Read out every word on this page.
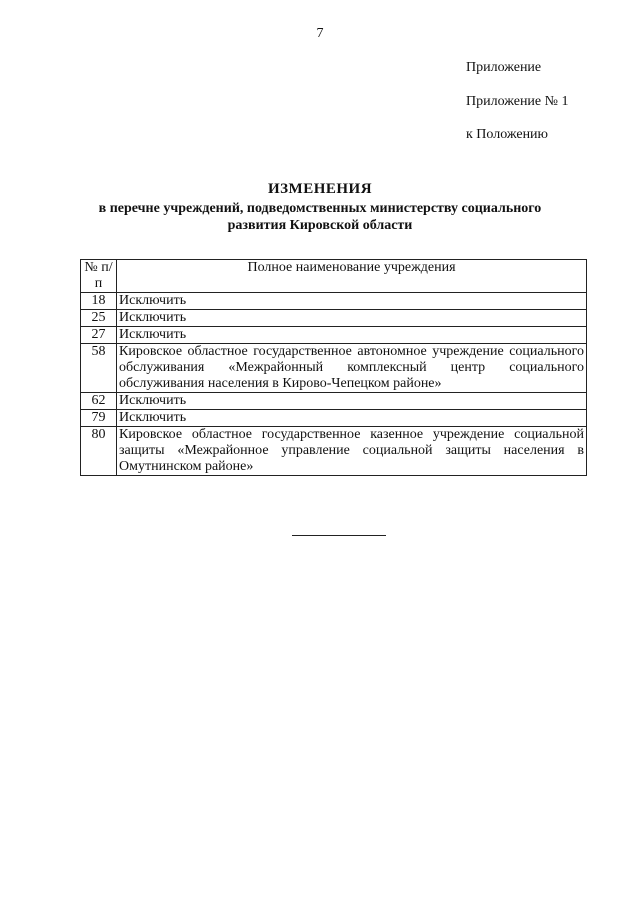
7
Приложение
Приложение № 1
к Положению
ИЗМЕНЕНИЯ
в перечне учреждений, подведомственных министерству социального
развития Кировской области
№ п/п	Полное наименование учреждения
18	Исключить
25	Исключить
27	Исключить
58	Кировское областное государственное автономное учреждение социального обслуживания «Межрайонный комплексный центр социального обслуживания населения в Кирово-Чепецком районе»
62	Исключить
79	Исключить
80	Кировское областное государственное казенное учреждение социальной защиты «Межрайонное управление социальной защиты населения в Омутнинском районе»
